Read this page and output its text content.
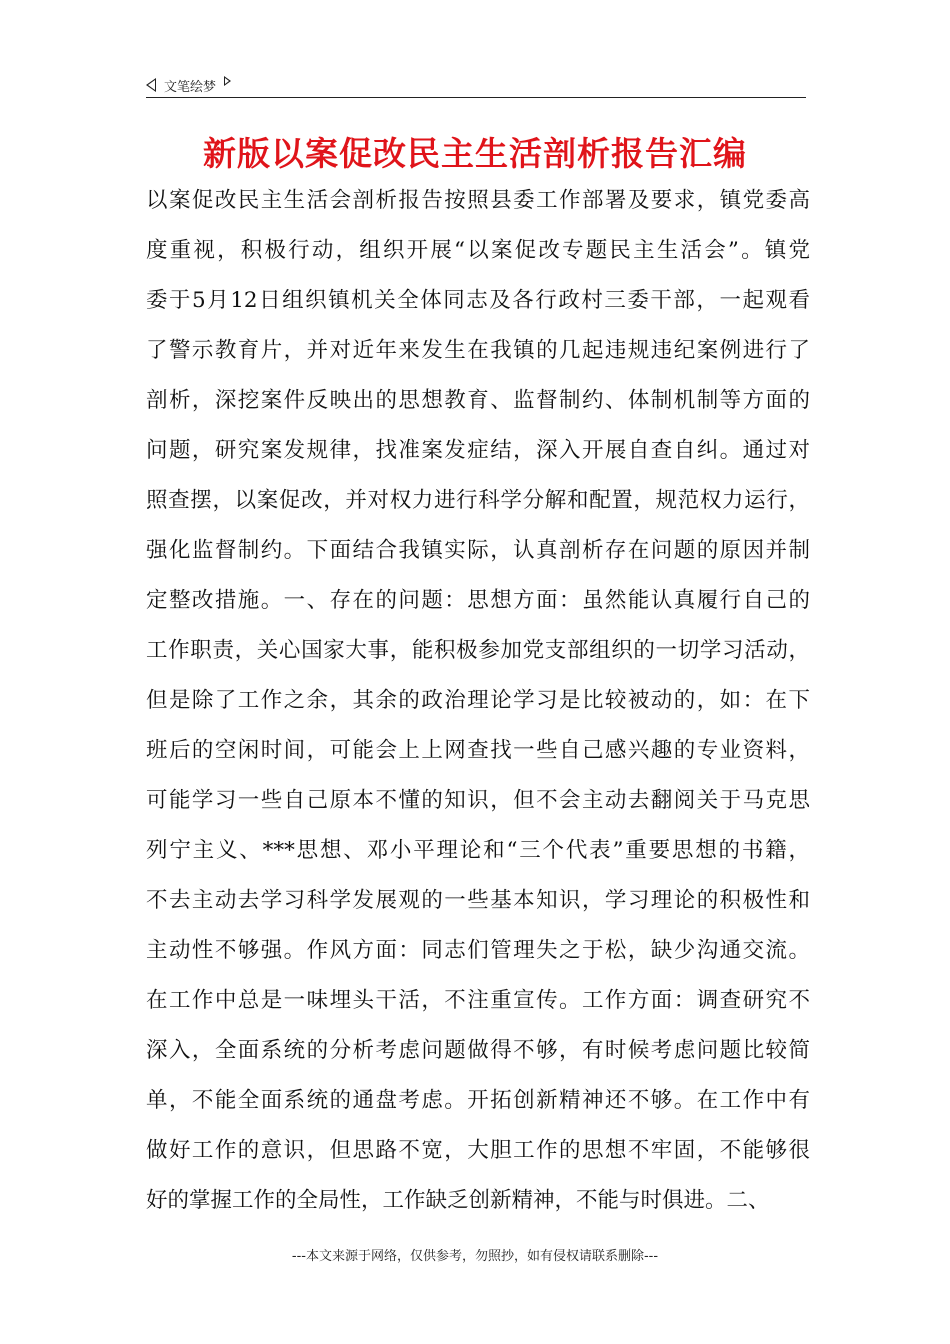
文笔绘梦
新版以案促改民主生活剖析报告汇编
以案促改民主生活会剖析报告按照县委工作部署及要求，镇党委高
度重视，积极行动，组织开展“以案促改专题民主生活会”。镇党
委于5月12日组织镇机关全体同志及各行政村三委干部，一起观看
了警示教育片，并对近年来发生在我镇的几起违规违纪案例进行了
剖析，深挖案件反映出的思想教育、监督制约、体制机制等方面的
问题，研究案发规律，找准案发症结，深入开展自查自纠。通过对
照查摆，以案促改，并对权力进行科学分解和配置，规范权力运行，
强化监督制约。下面结合我镇实际，认真剖析存在问题的原因并制
定整改措施。一、存在的问题：思想方面：虽然能认真履行自己的
工作职责，关心国家大事，能积极参加党支部组织的一切学习活动，
但是除了工作之余，其余的政治理论学习是比较被动的，如：在下
班后的空闲时间，可能会上上网查找一些自己感兴趣的专业资料，
可能学习一些自己原本不懂的知识，但不会主动去翻阅关于马克思
列宁主义、***思想、邓小平理论和“三个代表”重要思想的书籍，
不去主动去学习科学发展观的一些基本知识，学习理论的积极性和
主动性不够强。作风方面：同志们管理失之于松，缺少沟通交流。
在工作中总是一味埋头干活，不注重宣传。工作方面：调查研究不
深入，全面系统的分析考虑问题做得不够，有时候考虑问题比较简
单，不能全面系统的通盘考虑。开拓创新精神还不够。在工作中有
做好工作的意识，但思路不宽，大胆工作的思想不牢固，不能够很
好的掌握工作的全局性，工作缺乏创新精神，不能与时俱进。二、
---本文来源于网络，仅供参考，勿照抄，如有侵权请联系删除---
